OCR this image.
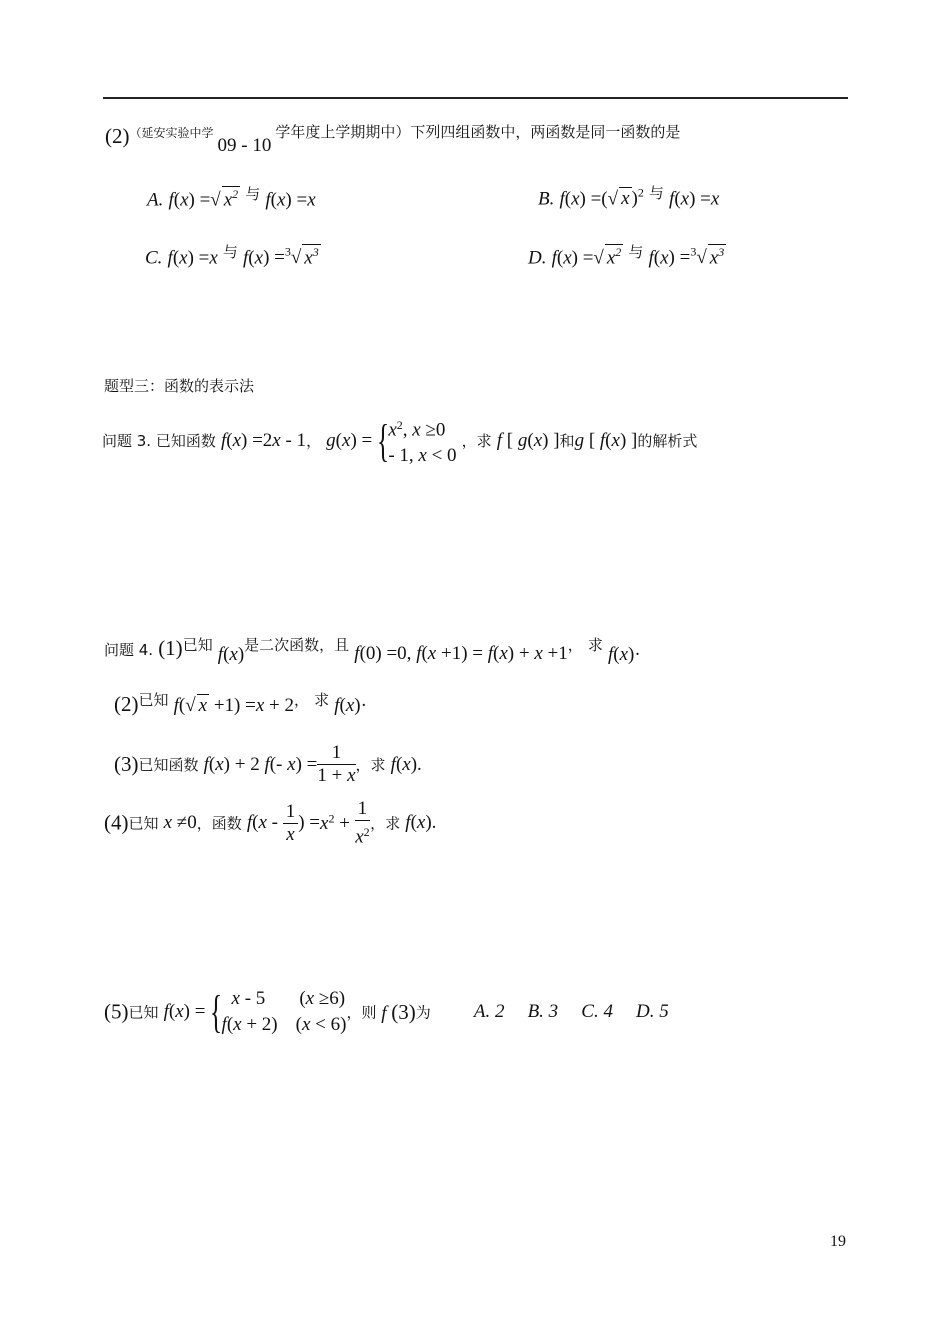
$(2)^{(延安实验中学}09 - 10$学年度上学期期中）下列四组函数中，两函数是同一函数的是
A. f(x) =√ $x^2$ 与 f(x) =x	B. f(x) =(√ x )$^2$ 与 f(x) =x
C. f(x) =x 与 f(x) =$^3$√ $x^3$	D. f(x) =√ $x^2$ 与 f(x) =$^3$√ $x^3$
题型三：函数的表示法
问题 3. 已知函数 f(x) =2x - 1， g(x) = {
$x^2$, x ≥0
- 1, x < 0
，求 f [ g(x) ]和g [ f(x) ]的解析式
问题 4. (1)已知 f(x)是二次函数，且 f(0) =0, f(x +1) = f(x) + x +1， 求 f(x)·
(2)已知 f(√ x +1) =x + 2， 求 f(x)·
(3)已知函数 f(x) + 2 f(- $x) = \frac{1}{1 + x}$ ，求 f(x).
(4)已知 x ≠0，函数 $f(x - \frac{1}{x}$ ) $=x^2 + \frac{1}{x^2}$ ，求 f(x).
(5)已知 f(x) = { x - 5 (x ≥6)
f(x + 2) (x < 6)
，则 f (3)为 A. 2 B. 3 C. 4 D. 5
19
